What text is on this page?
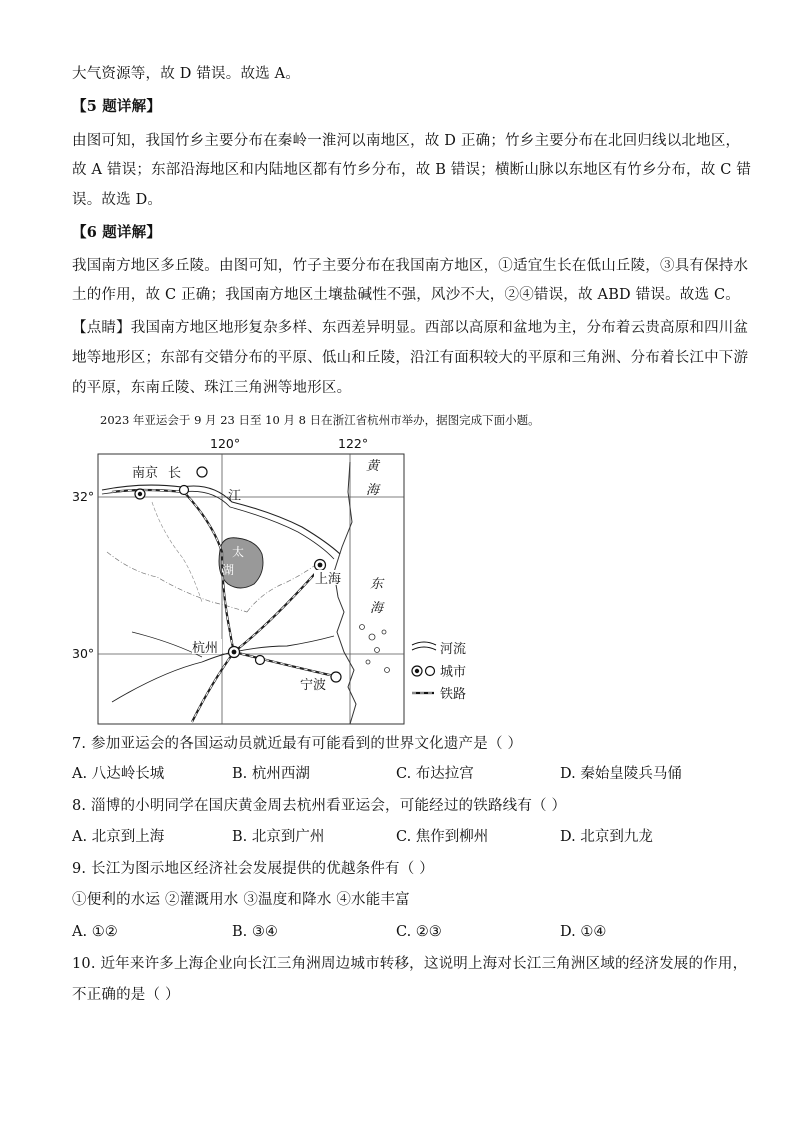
大气资源等，故 D 错误。故选 A。
【5 题详解】
由图可知，我国竹乡主要分布在秦岭一淮河以南地区，故 D 正确；竹乡主要分布在北回归线以北地区，
故 A 错误；东部沿海地区和内陆地区都有竹乡分布，故 B 错误；横断山脉以东地区有竹乡分布，故 C 错
误。故选 D。
【6 题详解】
我国南方地区多丘陵。由图可知，竹子主要分布在我国南方地区，①适宜生长在低山丘陵，③具有保持水
土的作用，故 C 正确；我国南方地区土壤盐碱性不强，风沙不大，②④错误，故 ABD 错误。故选 C。
【点睛】我国南方地区地形复杂多样、东西差异明显。西部以高原和盆地为主，分布着云贵高原和四川盆
地等地形区；东部有交错分布的平原、低山和丘陵，沿江有面积较大的平原和三角洲、分布着长江中下游
的平原，东南丘陵、珠江三角洲等地形区。
2023 年亚运会于 9 月 23 日至 10 月 8 日在浙江省杭州市举办，据图完成下面小题。
120°	122°
32°
30°
南京 长
江
太
湖
上海
杭州
宁波
黄
海
东
海
河流
城市
铁路
7. 参加亚运会的各国运动员就近最有可能看到的世界文化遗产是（ ）
A. 八达岭长城	B. 杭州西湖	C. 布达拉宫	D. 秦始皇陵兵马俑
8. 淄博的小明同学在国庆黄金周去杭州看亚运会，可能经过的铁路线有（ ）
A. 北京到上海	B. 北京到广州	C. 焦作到柳州	D. 北京到九龙
9. 长江为图示地区经济社会发展提供的优越条件有（ ）
①便利的水运 ②灌溉用水 ③温度和降水 ④水能丰富
A. ①②	B. ③④	C. ②③	D. ①④
10. 近年来许多上海企业向长江三角洲周边城市转移，这说明上海对长江三角洲区域的经济发展的作用，
不正确的是（ ）
